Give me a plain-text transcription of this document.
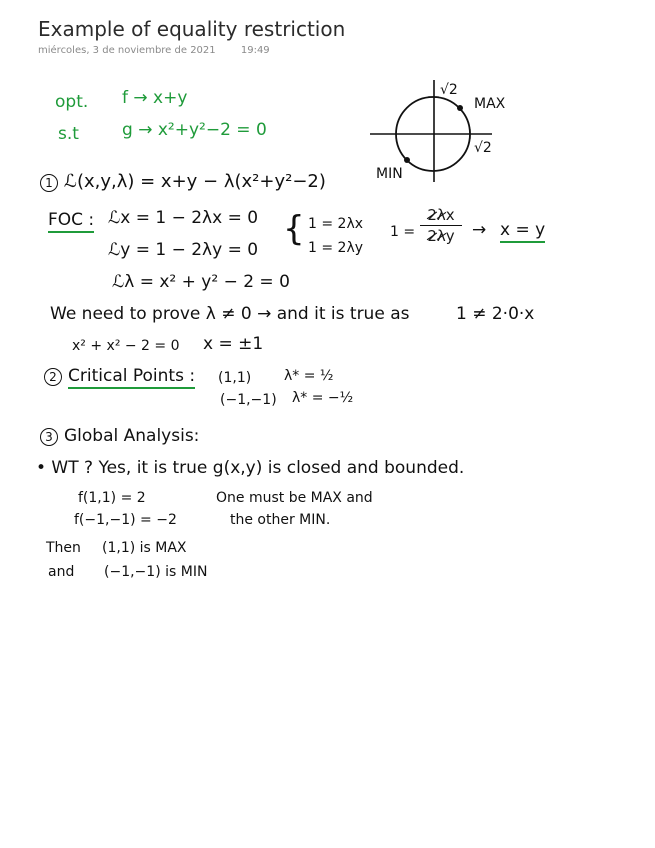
Example of equality restriction
miércoles, 3 de noviembre de 2021	19:49
opt. f → x+y
s.t	g → x²+y²−2 = 0
√2
√2
MAX
MIN
1 ℒ(x,y,λ) = x+y − λ(x²+y²−2)
FOC : ℒx = 1 − 2λx = 0
ℒy = 1 − 2λy = 0
ℒλ = x² + y² − 2 = 0
{ 1 = 2λx
1 = 2λy
1 =
2λx
2λy → x = y
We need to prove λ ≠ 0 → and it is true as	1 ≠ 2·0·x
x² + x² − 2 = 0 x = ±1
2 Critical Points : (1,1) λ* = ½
(−1,−1) λ* = −½
3 Global Analysis:
• WT ? Yes, it is true g(x,y) is closed and bounded.
f(1,1) = 2
f(−1,−1) = −2
One must be MAX and
the other MIN.
Then (1,1) is MAX
and (−1,−1) is MIN
